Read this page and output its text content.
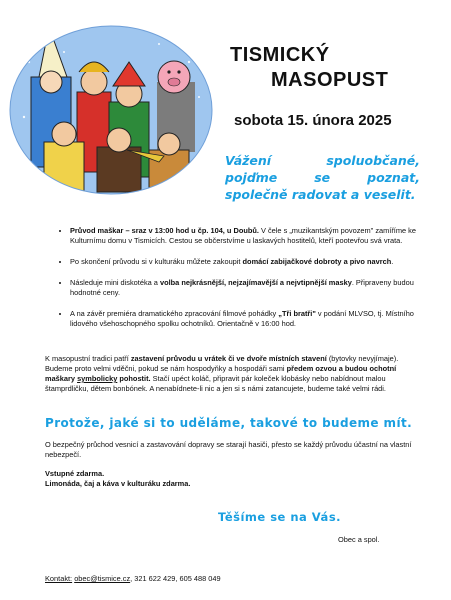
TISMICKÝ
MASOPUST
sobota 15. února 2025
Vážení spoluobčané, pojďme se poznat, společně radovat a veselit.
• Průvod maškar – sraz v 13:00 hod u čp. 104, u Doubů. V čele s „muzikantským povozem" zamíříme ke Kulturnímu domu v Tismicích. Cestou se občerstvíme u laskavých hostitelů, kteří pootevřou svá vrata.
• Po skončení průvodu si v kulturáku můžete zakoupit domácí zabijačkové dobroty a pivo navrch.
• Následuje mini diskotéka a volba nejkrásnější, nejzajímavější a nejvtipnější masky. Připraveny budou hodnotné ceny.
• A na závěr premiéra dramatického zpracování filmové pohádky „Tři bratři" v podání MLVSO, tj. Místního lidového všehoschopného spolku ochotníků. Orientačně v 16:00 hod.

K masopustní tradici patří zastavení průvodu u vrátek či ve dvoře místních stavení (bytovky nevyjímaje). Budeme proto velmi vděčni, pokud se nám hospodyňky a hospodáři sami předem ozvou a budou ochotní maškary symbolicky pohostit. Stačí upéct koláč, připravit pár koleček klobásky nebo nabídnout malou štamprdličku, dětem bonbónek. A nenabídnete-li nic a jen si s námi zatancujete, budeme také velmi rádi.

Protože, jaké si to uděláme, takové to budeme mít.

O bezpečný průchod vesnicí a zastavování dopravy se starají hasiči, přesto se každý průvodu účastní na vlastní nebezpečí.

Vstupné zdarma.
Limonáda, čaj a káva v kulturáku zdarma.

Těšíme se na Vás.
Obec a spol.
Kontakt: obec@tismice.cz, 321 622 429, 605 488 049
